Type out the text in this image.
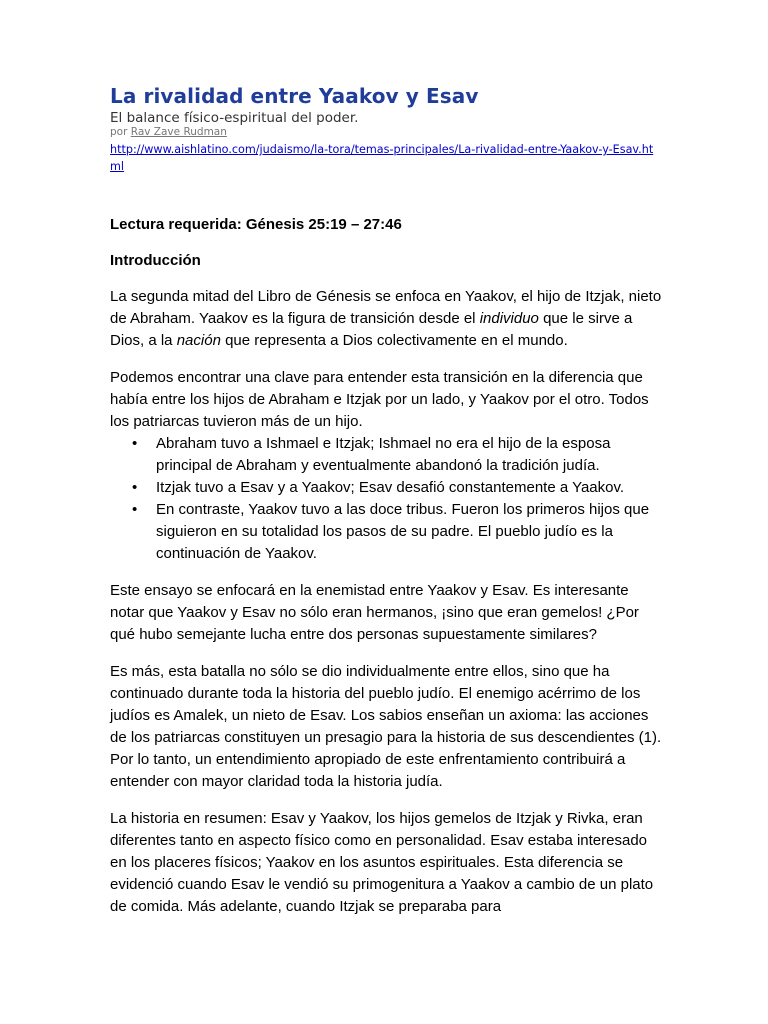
La rivalidad entre Yaakov y Esav
El balance físico-espiritual del poder.
por Rav Zave Rudman
http://www.aishlatino.com/judaismo/la-tora/temas-principales/La-rivalidad-entre-Yaakov-y-Esav.html

Lectura requerida: Génesis 25:19 – 27:46

Introducción

La segunda mitad del Libro de Génesis se enfoca en Yaakov, el hijo de Itzjak, nieto de Abraham. Yaakov es la figura de transición desde el individuo que le sirve a Dios, a la nación que representa a Dios colectivamente en el mundo.

Podemos encontrar una clave para entender esta transición en la diferencia que había entre los hijos de Abraham e Itzjak por un lado, y Yaakov por el otro. Todos los patriarcas tuvieron más de un hijo.

• Abraham tuvo a Ishmael e Itzjak; Ishmael no era el hijo de la esposa principal de Abraham y eventualmente abandonó la tradición judía.
• Itzjak tuvo a Esav y a Yaakov; Esav desafió constantemente a Yaakov.
• En contraste, Yaakov tuvo a las doce tribus. Fueron los primeros hijos que siguieron en su totalidad los pasos de su padre. El pueblo judío es la continuación de Yaakov.

Este ensayo se enfocará en la enemistad entre Yaakov y Esav. Es interesante notar que Yaakov y Esav no sólo eran hermanos, ¡sino que eran gemelos! ¿Por qué hubo semejante lucha entre dos personas supuestamente similares?

Es más, esta batalla no sólo se dio individualmente entre ellos, sino que ha continuado durante toda la historia del pueblo judío. El enemigo acérrimo de los judíos es Amalek, un nieto de Esav. Los sabios enseñan un axioma: las acciones de los patriarcas constituyen un presagio para la historia de sus descendientes (1). Por lo tanto, un entendimiento apropiado de este enfrentamiento contribuirá a entender con mayor claridad toda la historia judía.

La historia en resumen: Esav y Yaakov, los hijos gemelos de Itzjak y Rivka, eran diferentes tanto en aspecto físico como en personalidad. Esav estaba interesado en los placeres físicos; Yaakov en los asuntos espirituales. Esta diferencia se evidenció cuando Esav le vendió su primogenitura a Yaakov a cambio de un plato de comida. Más adelante, cuando Itzjak se preparaba para
